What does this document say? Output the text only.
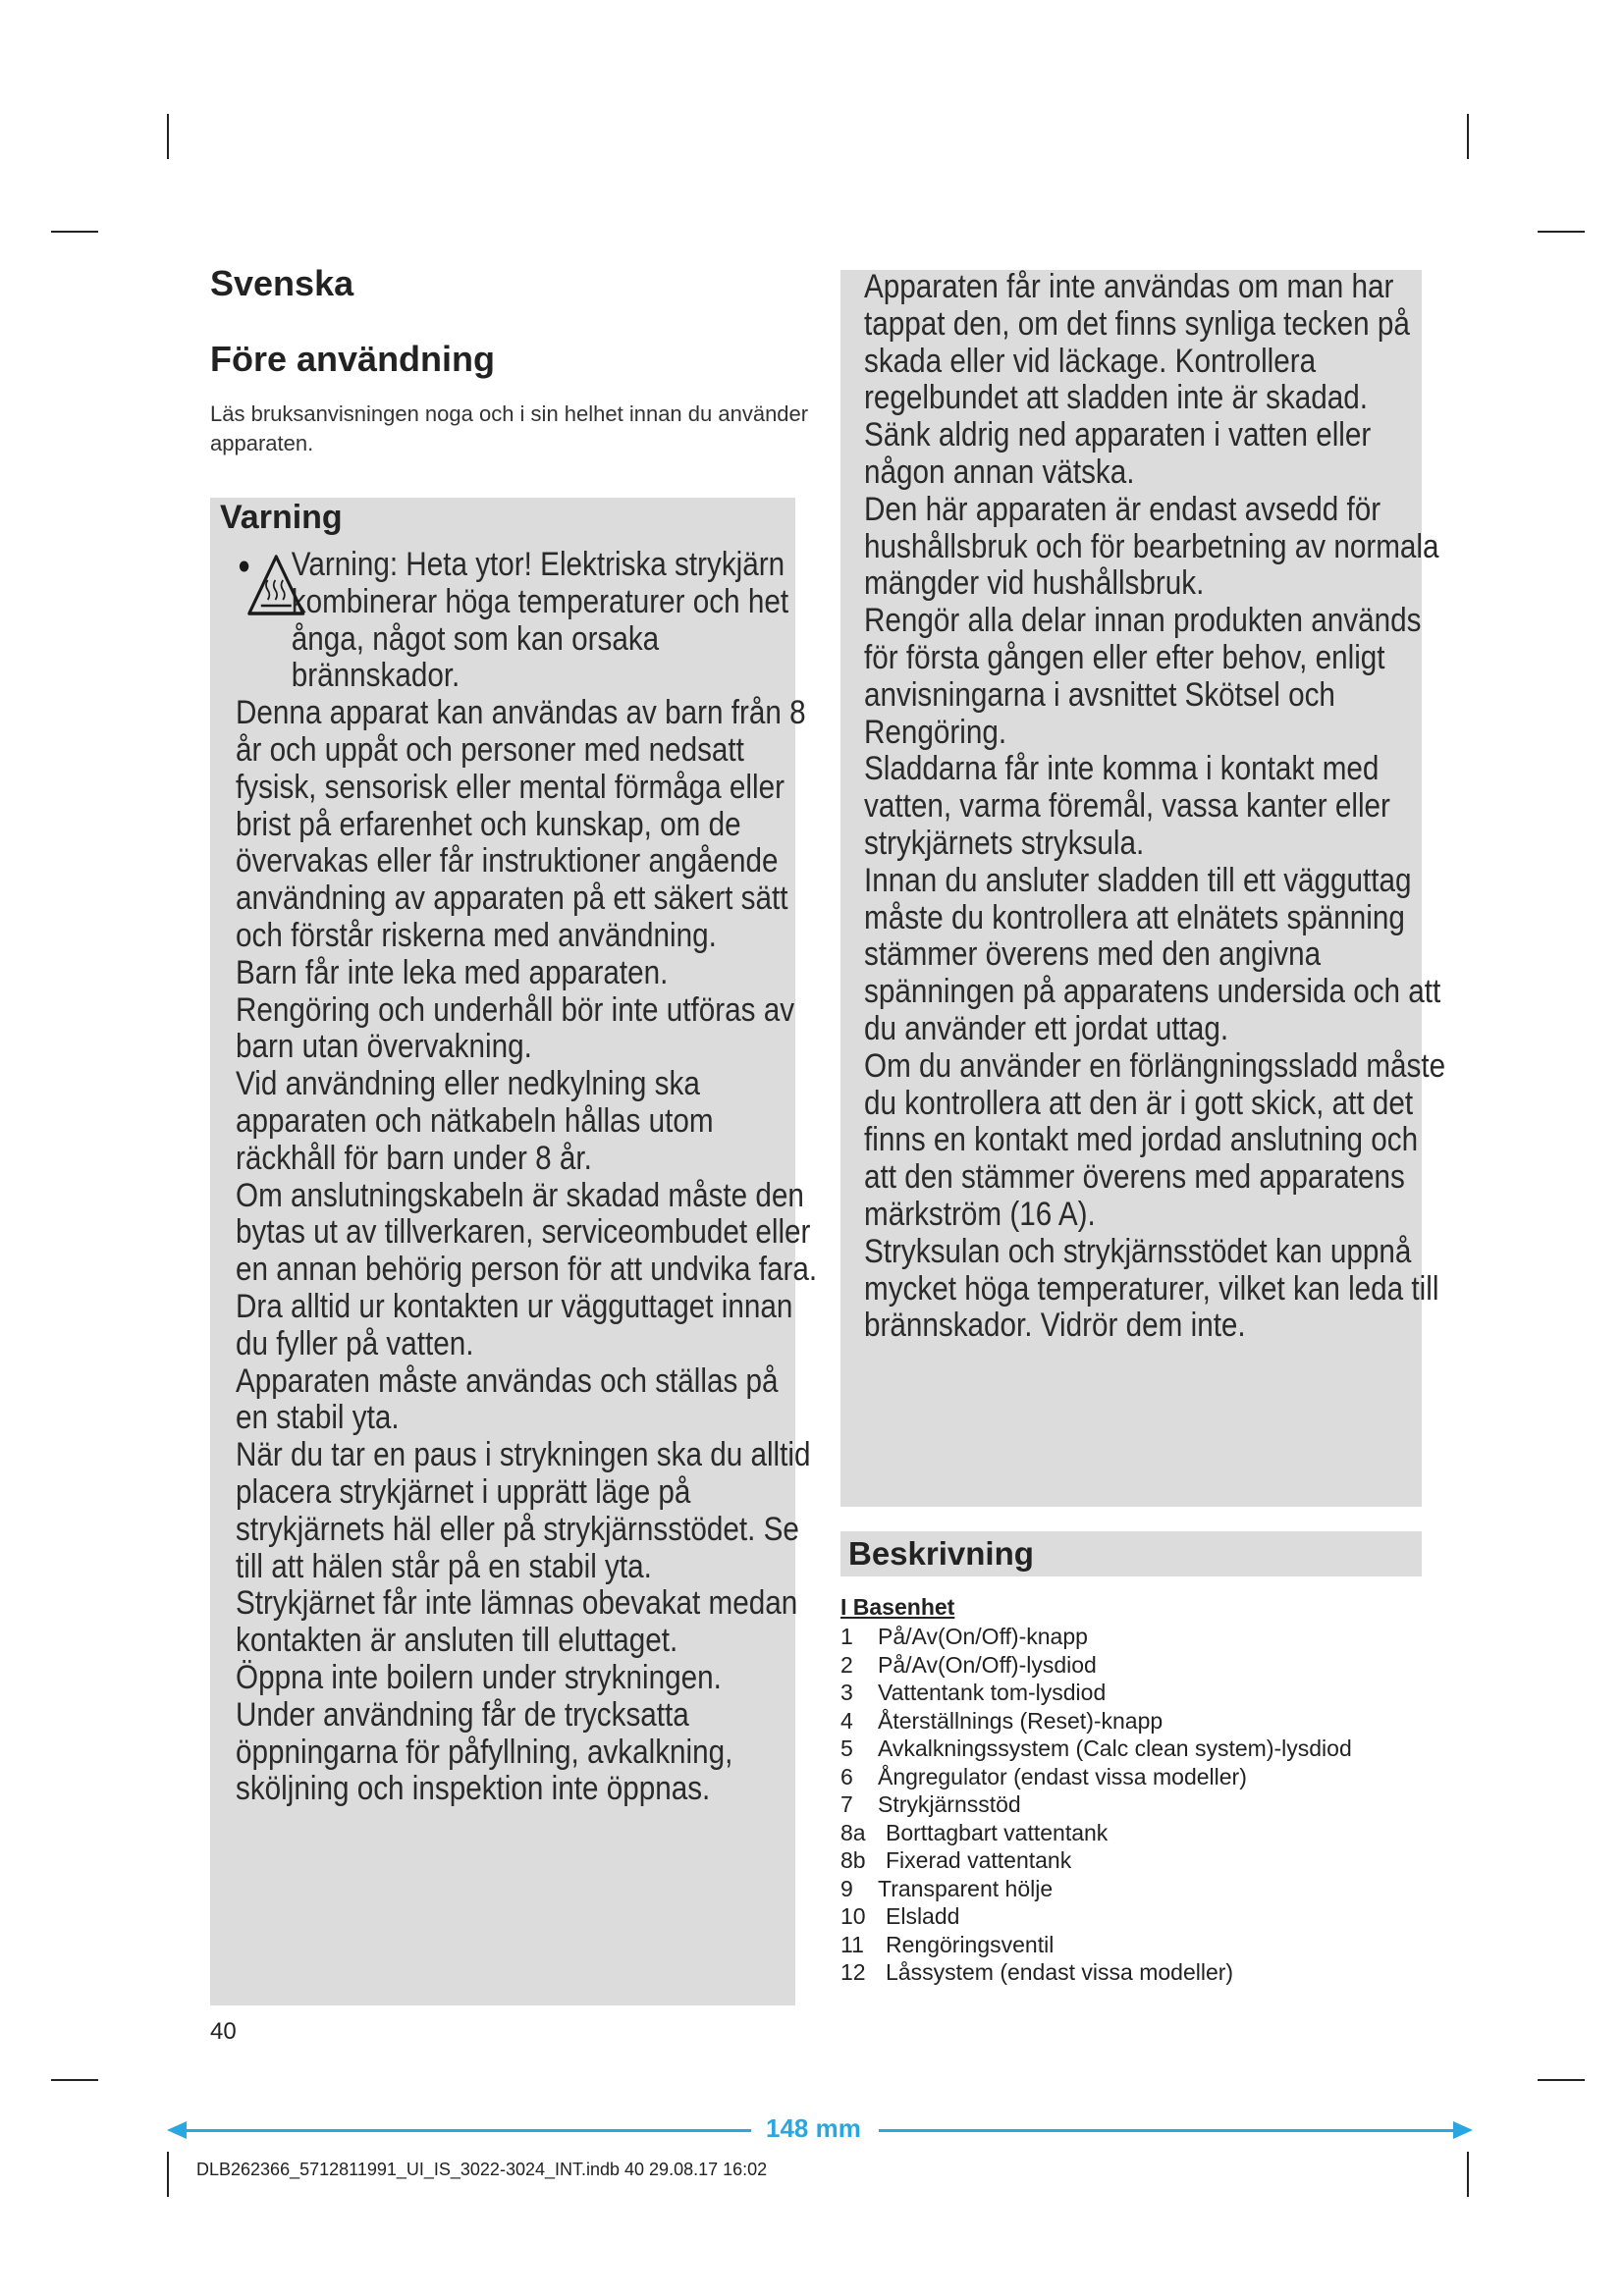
Svenska
Före användning

Läs bruksanvisningen noga och i sin helhet innan du använder apparaten.

Varning

Varning: Heta ytor! Elektriska strykjärn kombinerar höga temperaturer och het ånga, något som kan orsaka brännskador.

Denna apparat kan användas av barn från 8 år och uppåt och personer med nedsatt fysisk, sensorisk eller mental förmåga eller brist på erfarenhet och kunskap, om de övervakas eller får instruktioner angående användning av apparaten på ett säkert sätt och förstår riskerna med användning.

Barn får inte leka med apparaten.

Rengöring och underhåll bör inte utföras av barn utan övervakning.

Vid användning eller nedkylning ska apparaten och nätkabeln hållas utom räckhåll för barn under 8 år.

Om anslutningskabeln är skadad måste den bytas ut av tillverkaren, serviceombudet eller en annan behörig person för att undvika fara.

Dra alltid ur kontakten ur vägguttaget innan du fyller på vatten.

Apparaten måste användas och ställas på en stabil yta.

När du tar en paus i strykningen ska du alltid placera strykjärnet i upprätt läge på strykjärnets häl eller på strykjärnsstödet. Se till att hälen står på en stabil yta.

Strykjärnet får inte lämnas obevakat medan kontakten är ansluten till eluttaget.

Öppna inte boilern under strykningen.

Under användning får de trycksatta öppningarna för påfyllning, avkalkning, sköljning och inspektion inte öppnas.

Apparaten får inte användas om man har tappat den, om det finns synliga tecken på skada eller vid läckage. Kontrollera regelbundet att sladden inte är skadad.

Sänk aldrig ned apparaten i vatten eller någon annan vätska.

Den här apparaten är endast avsedd för hushållsbruk och för bearbetning av normala mängder vid hushållsbruk.

Rengör alla delar innan produkten används för första gången eller efter behov, enligt anvisningarna i avsnittet Skötsel och Rengöring.

Sladdarna får inte komma i kontakt med vatten, varma föremål, vassa kanter eller strykjärnets stryksula.

Innan du ansluter sladden till ett vägguttag måste du kontrollera att elnätets spänning stämmer överens med den angivna spänningen på apparatens undersida och att du använder ett jordat uttag.

Om du använder en förlängningssladd måste du kontrollera att den är i gott skick, att det finns en kontakt med jordad anslutning och att den stämmer överens med apparatens märkström (16 A).

Stryksulan och strykjärnsstödet kan uppnå mycket höga temperaturer, vilket kan leda till brännskador. Vidrör dem inte.

Beskrivning

I Basenhet

1	På/Av(On/Off)-knapp
2	På/Av(On/Off)-lysdiod
3	Vattentank tom-lysdiod
4	Återställnings (Reset)-knapp
5	Avkalkningssystem (Calc clean system)-lysdiod
6	Ångregulator (endast vissa modeller)
7	Strykjärnsstöd
8a Borttagbart vattentank
8b Fixerad vattentank
9	Transparent hölje
10 Elsladd
11 Rengöringsventil
12 Låssystem (endast vissa modeller)

40

148 mm

DLB262366_5712811991_UI_IS_3022-3024_INT.indb 40 29.08.17 16:02
